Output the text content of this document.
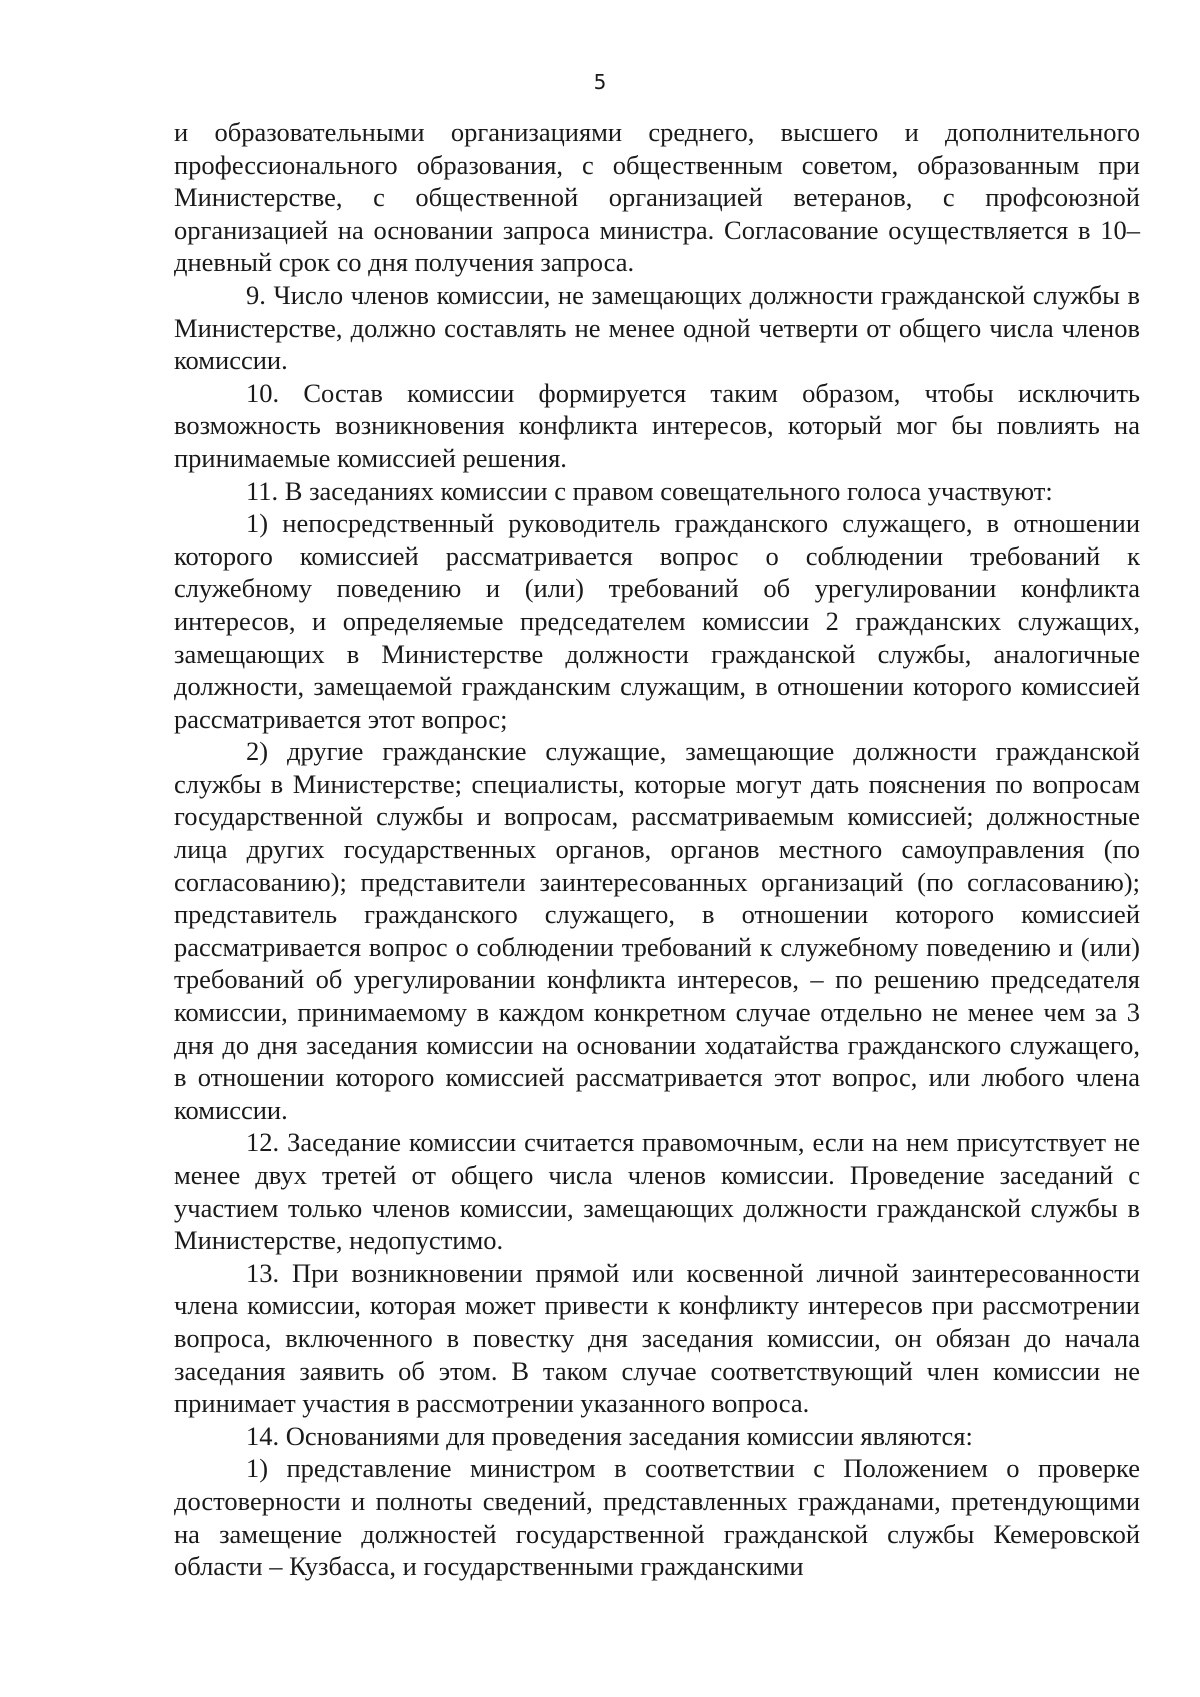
5

и образовательными организациями среднего, высшего и дополнительного профессионального образования, с общественным советом, образованным при Министерстве, с общественной организацией ветеранов, с профсоюзной организацией на основании запроса министра. Согласование осуществляется в 10–дневный срок со дня получения запроса.

9. Число членов комиссии, не замещающих должности гражданской службы в Министерстве, должно составлять не менее одной четверти от общего числа членов комиссии.

10. Состав комиссии формируется таким образом, чтобы исключить возможность возникновения конфликта интересов, который мог бы повлиять на принимаемые комиссией решения.

11. В заседаниях комиссии с правом совещательного голоса участвуют:

1) непосредственный руководитель гражданского служащего, в отношении которого комиссией рассматривается вопрос о соблюдении требований к служебному поведению и (или) требований об урегулировании конфликта интересов, и определяемые председателем комиссии 2 гражданских служащих, замещающих в Министерстве должности гражданской службы, аналогичные должности, замещаемой гражданским служащим, в отношении которого комиссией рассматривается этот вопрос;

2) другие гражданские служащие, замещающие должности гражданской службы в Министерстве; специалисты, которые могут дать пояснения по вопросам государственной службы и вопросам, рассматриваемым комиссией; должностные лица других государственных органов, органов местного самоуправления (по согласованию); представители заинтересованных организаций (по согласованию); представитель гражданского служащего, в отношении которого комиссией рассматривается вопрос о соблюдении требований к служебному поведению и (или) требований об урегулировании конфликта интересов, – по решению председателя комиссии, принимаемому в каждом конкретном случае отдельно не менее чем за 3 дня до дня заседания комиссии на основании ходатайства гражданского служащего, в отношении которого комиссией рассматривается этот вопрос, или любого члена комиссии.

12. Заседание комиссии считается правомочным, если на нем присутствует не менее двух третей от общего числа членов комиссии. Проведение заседаний с участием только членов комиссии, замещающих должности гражданской службы в Министерстве, недопустимо.

13. При возникновении прямой или косвенной личной заинтересованности члена комиссии, которая может привести к конфликту интересов при рассмотрении вопроса, включенного в повестку дня заседания комиссии, он обязан до начала заседания заявить об этом. В таком случае соответствующий член комиссии не принимает участия в рассмотрении указанного вопроса.

14. Основаниями для проведения заседания комиссии являются:

1) представление министром в соответствии с Положением о проверке достоверности и полноты сведений, представленных гражданами, претендующими на замещение должностей государственной гражданской службы Кемеровской области – Кузбасса, и государственными гражданскими
